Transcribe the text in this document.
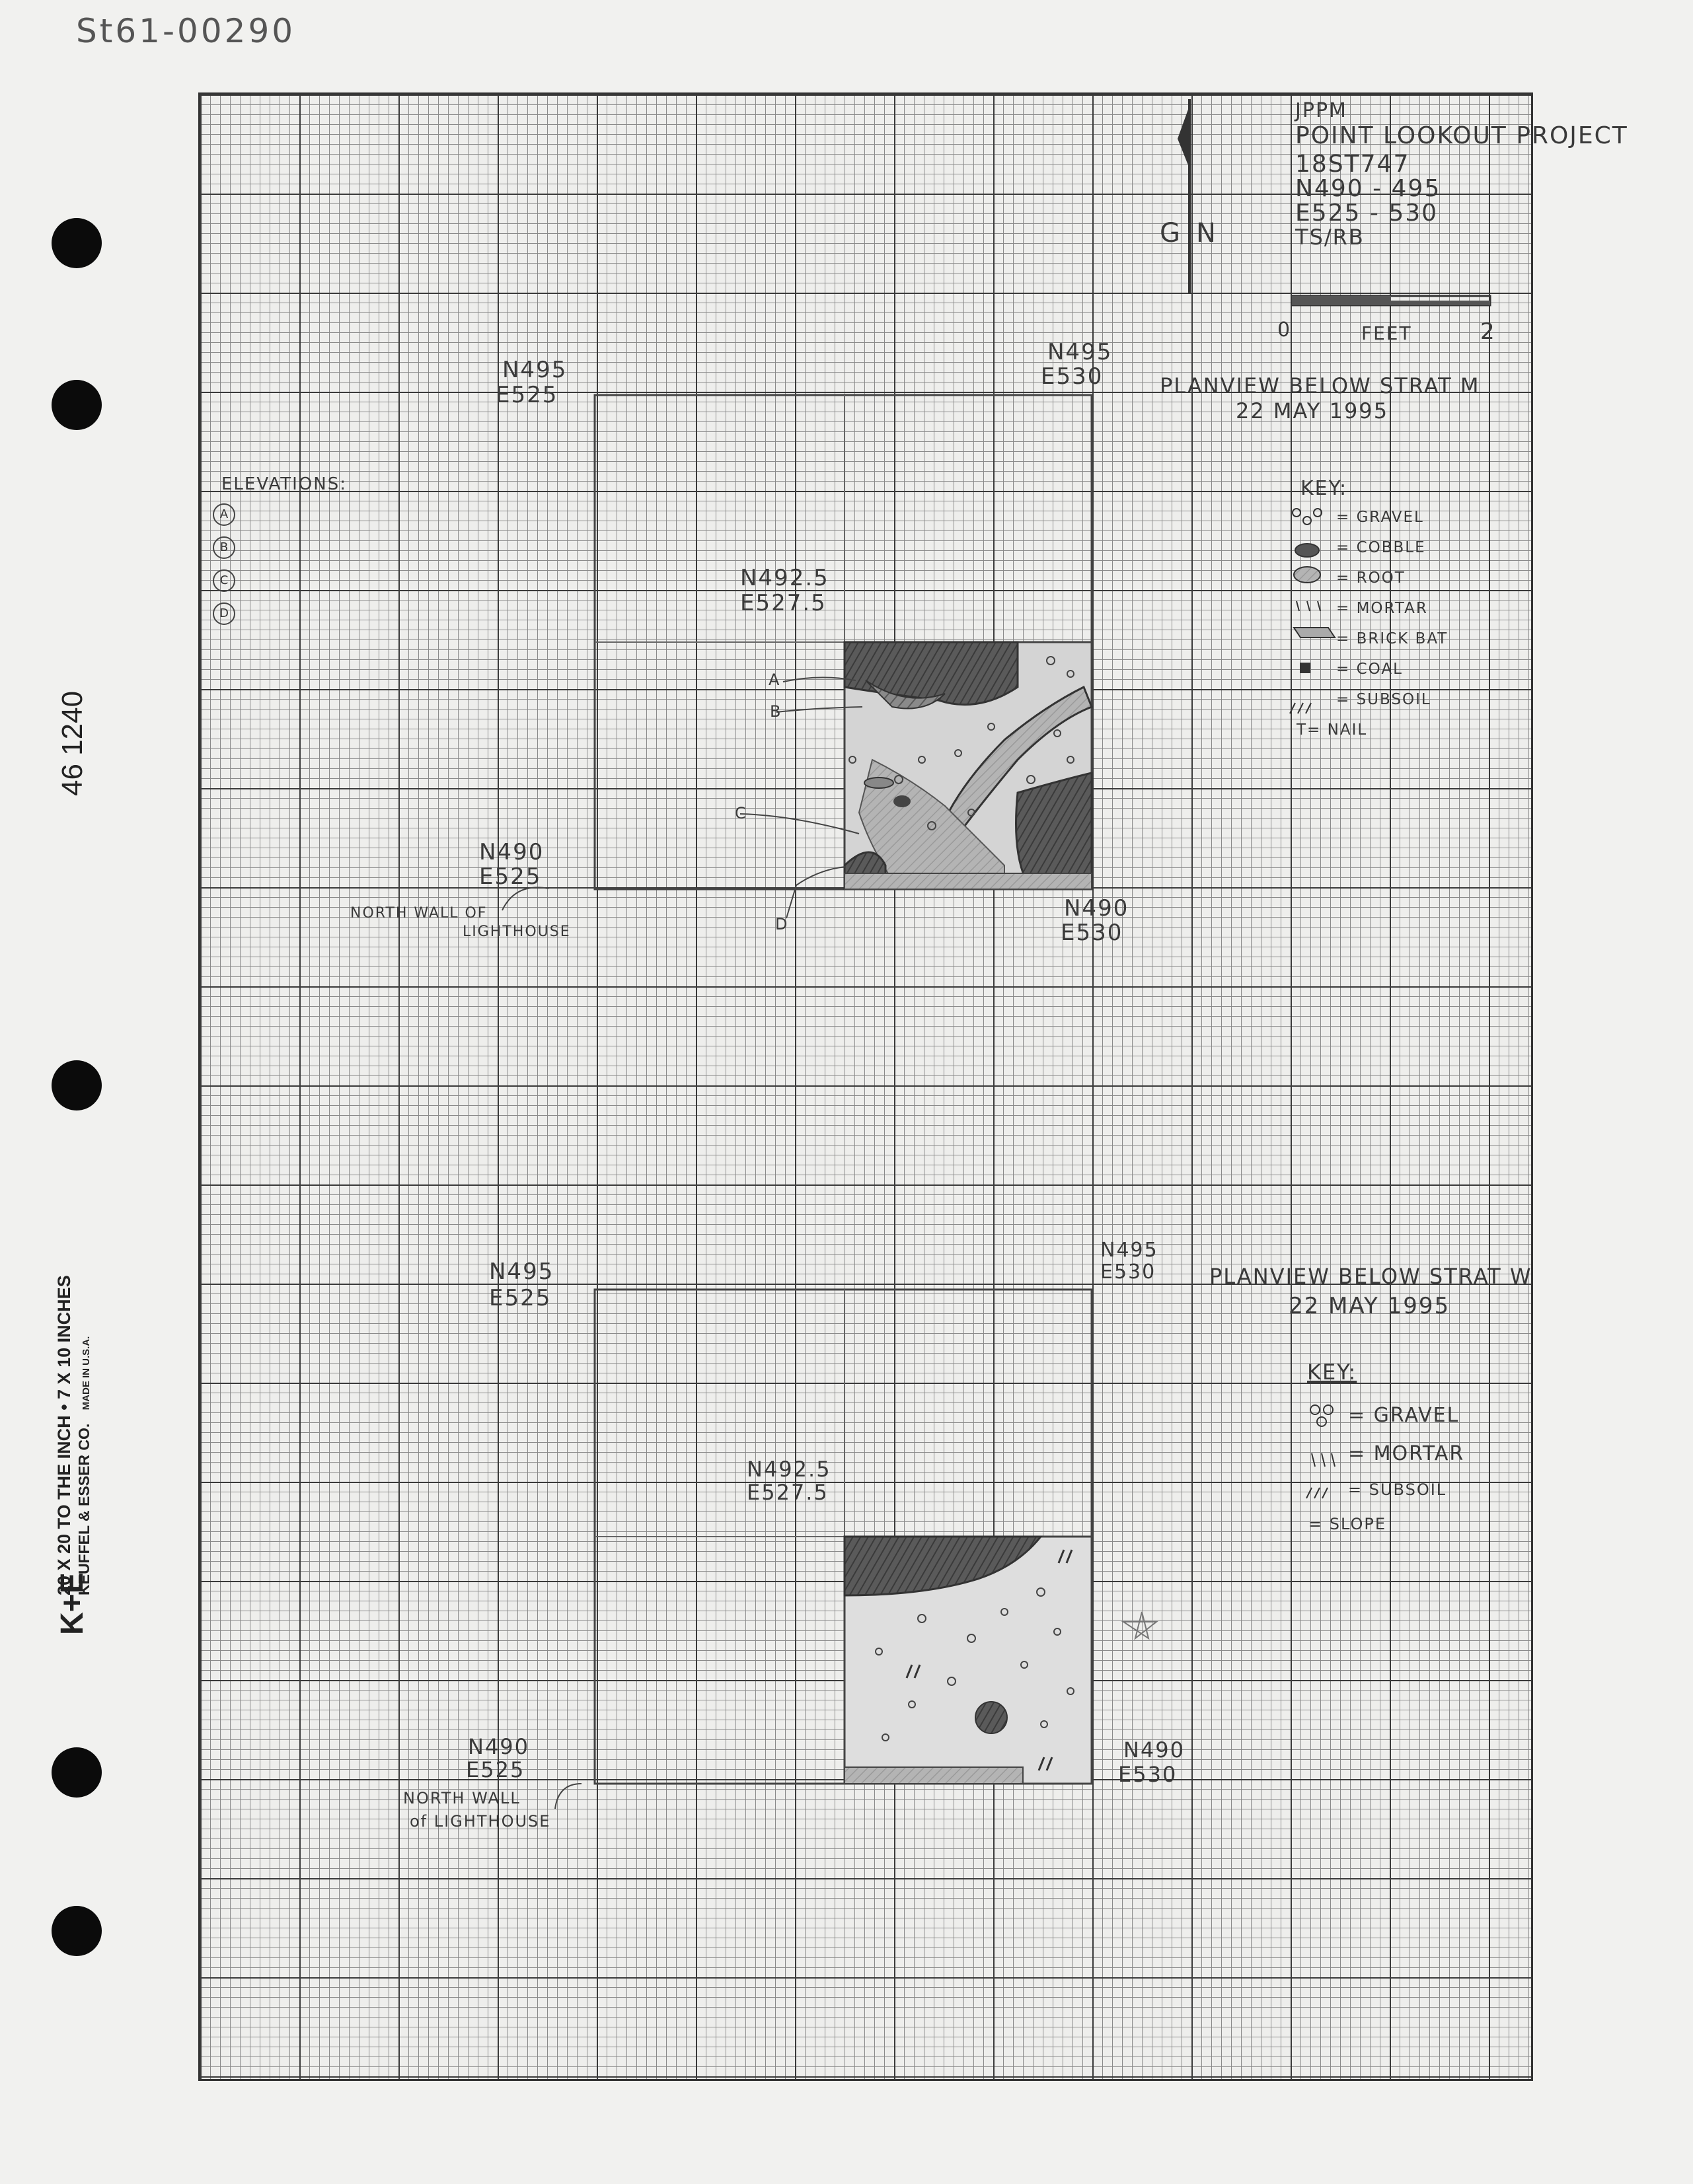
St61-00290
46 1240
K+E
20 X 20 TO THE INCH • 7 X 10 INCHES KEUFFEL & ESSER CO. MADE IN U.S.A.
JPPM
POINT LOOKOUT PROJECT
18ST747
N490 - 495
E525 - 530
TS/RB
G N
0	FEET	2
ELEVATIONS:
A
B
C
D
PLANVIEW BELOW STRAT M
22 MAY 1995
N495
E525
N495
E530
N492.5
E527.5
N490
E525
N490
E530
NORTH WALL OF
LIGHTHOUSE
A
B
C
D
KEY:
= GRAVEL
= COBBLE
= ROOT
= MORTAR
= BRICK BAT
= COAL
= SUBSOIL
T= NAIL
PLANVIEW BELOW STRAT W
22 MAY 1995
N495
E525
N495
E530
N492.5
E527.5
N490
E525
N490
E530
NORTH WALL
of LIGHTHOUSE
KEY:
= GRAVEL
= MORTAR
= SUBSOIL
= SLOPE
